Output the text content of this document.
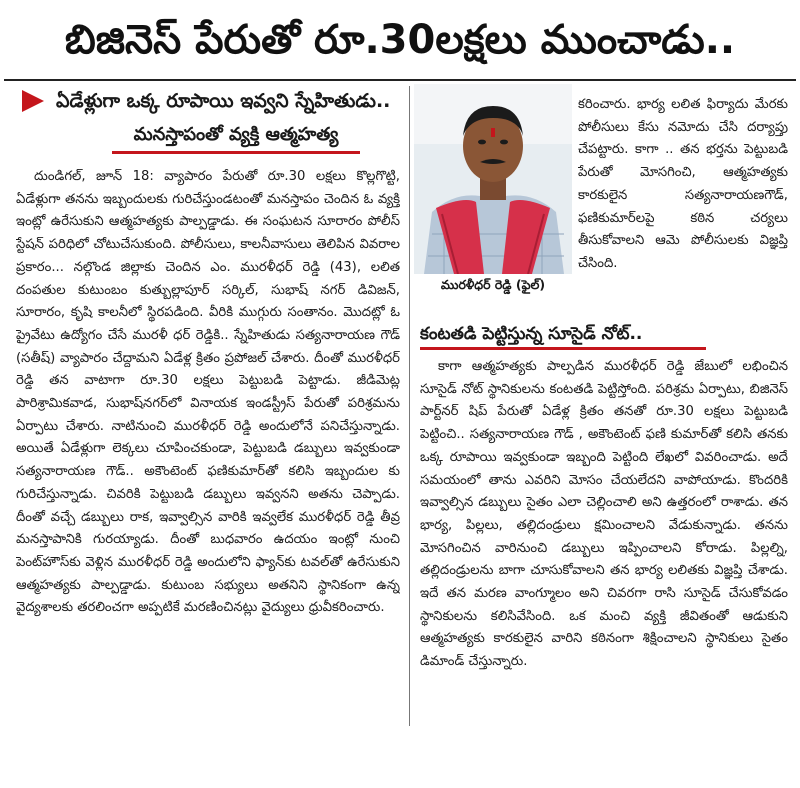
బిజినెస్ పేరుతో రూ.30లక్షలు ముంచాడు..
ఏడేళ్లుగా ఒక్క రూపాయి ఇవ్వని స్నేహితుడు..
మనస్తాపంతో వ్యక్తి ఆత్మహత్య

దుండిగల్, జూన్ 18: వ్యాపారం పేరుతో రూ.30 లక్షలు కొల్లగొట్టి, ఏడేళ్లుగా తనను ఇబ్బందులకు గురిచేస్తుండటంతో మనస్తాపం చెందిన ఓ వ్యక్తి ఇంట్లో ఉరేసుకుని ఆత్మహత్యకు పాల్పడ్డాడు. ఈ సంఘటన సూరారం పోలీస్ స్టేషన్ పరిధిలో చోటుచేసుకుంది. పోలీసులు, కాలనీవాసులు తెలిపిన వివరాల ప్రకారం... నల్గొండ జిల్లాకు చెందిన ఎం. మురళీధర్ రెడ్డి (43), లలిత దంపతుల కుటుంబం కుత్బుల్లాపూర్ సర్కిల్, సుభాష్ నగర్ డివిజన్, సూరారం, కృషి కాలనీలో స్థిరపడింది. వీరికి ముగ్గురు సంతానం. మొదట్లో ఓ ప్రైవేటు ఉద్యోగం చేసే మురళీ ధర్ రెడ్డికి.. స్నేహితుడు సత్యనారాయణ గౌడ్ (సతీష్) వ్యాపారం చేద్దామని ఏడేళ్ల క్రితం ప్రపోజల్ చేశారు. దీంతో మురళీధర్ రెడ్డి తన వాటాగా రూ.30 లక్షలు పెట్టుబడి పెట్టాడు. జీడిమెట్ల పారిశ్రామికవాడ, సుభాష్‌నగర్‌లో వినాయక ఇండస్ట్రీస్ పేరుతో పరిశ్రమను ఏర్పాటు చేశారు. నాటినుంచి మురళీధర్ రెడ్డి అందులోనే పనిచేస్తున్నాడు. అయితే ఏడేళ్లుగా లెక్కలు చూపించకుండా, పెట్టుబడి డబ్బులు ఇవ్వకుండా సత్యనారాయణ గౌడ్.. అకౌంటెంట్ ఫణికుమార్‌తో కలిసి ఇబ్బందుల కు గురిచేస్తున్నాడు. చివరికి పెట్టుబడి డబ్బులు ఇవ్వనని అతను చెప్పాడు. దీంతో వచ్చే డబ్బులు రాక, ఇవ్వాల్సిన వారికి ఇవ్వలేక మురళీధర్ రెడ్డి తీవ్ర మనస్తాపానికి గురయ్యాడు. దీంతో బుధవారం ఉదయం ఇంట్లో నుంచి పెంట్‌హౌస్‌కు వెళ్లిన మురళీధర్ రెడ్డి అందులోని ఫ్యాన్‌కు టవల్‌తో ఉరేసుకుని ఆత్మహత్యకు పాల్పడ్డాడు. కుటుంబ సభ్యులు అతనిని స్థానికంగా ఉన్న వైద్యశాలకు తరలించగా అప్పటికే మరణించినట్లు వైద్యులు ధ్రువీకరించారు.

మురళీధర్ రెడ్డి (ఫైల్)

కరించారు. భార్య లలిత ఫిర్యాదు మేరకు పోలీసులు కేసు నమోదు చేసి దర్యాప్తు చేపట్టారు. కాగా .. తన భర్తను పెట్టుబడి పేరుతో మోసగించి, ఆత్మహత్యకు కారకులైన సత్యనారాయణగౌడ్, ఫణికుమార్‌లపై కఠిన చర్యలు తీసుకోవాలని ఆమె పోలీసులకు విజ్ఞప్తి చేసింది.

కంటతడి పెట్టిస్తున్న సూసైడ్ నోట్..

కాగా ఆత్మహత్యకు పాల్పడిన మురళీధర్ రెడ్డి జేబులో లభించిన సూసైడ్ నోట్ స్థానికులను కంటతడి పెట్టిస్తోంది. పరిశ్రమ ఏర్పాటు, బిజినెస్ పార్ట్‌నర్ షిప్ పేరుతో ఏడేళ్ల క్రితం తనతో రూ.30 లక్షలు పెట్టుబడి పెట్టించి.. సత్యనారాయణ గౌడ్ , అకౌంటెంట్ ఫణి కుమార్‌తో కలిసి తనకు ఒక్క రూపాయి ఇవ్వకుండా ఇబ్బంది పెట్టింది లేఖలో వివరించాడు. అదే సమయంలో తాను ఎవరిని మోసం చేయలేదని వాపోయాడు. కొందరికి ఇవ్వాల్సిన డబ్బులు సైతం ఎలా చెల్లించాలి అని ఉత్తరంలో రాశాడు. తన భార్య, పిల్లలు, తల్లిదండ్రులు క్షమించాలని వేడుకున్నాడు. తనను మోసగించిన వారినుంచి డబ్బులు ఇప్పించాలని కోరాడు. పిల్లల్ని, తల్లిదండ్రులను బాగా చూసుకోవాలని తన భార్య లలితకు విజ్ఞప్తి చేశాడు. ఇదే తన మరణ వాంగ్మూలం అని చివరగా రాసి సూసైడ్ చేసుకోవడం స్థానికులను కలిసివేసింది. ఒక మంచి వ్యక్తి జీవితంతో ఆడుకుని ఆత్మహత్యకు కారకులైన వారిని కఠినంగా శిక్షించాలని స్థానికులు సైతం డిమాండ్ చేస్తున్నారు.
